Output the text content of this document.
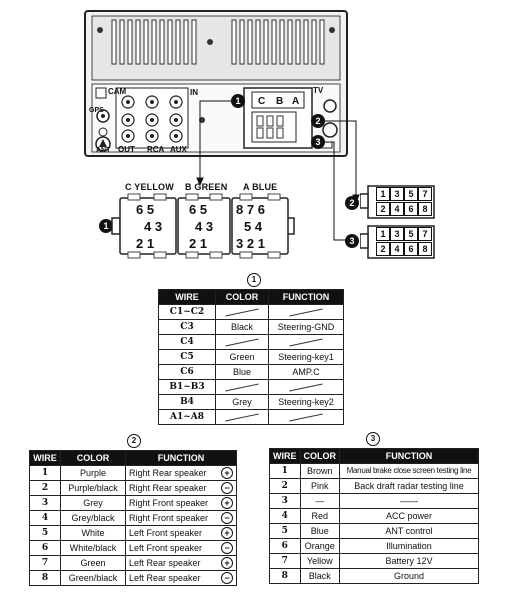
CAM
GPS
ANT
IN
OUT RCA AUX
TV
C B A
1
2
3
C YELLOW B GREEN A BLUE
1
6 5
4 3
2 1
6 5
4 3
2 1
8 7 6
5 4
3 2 1
2
3
1 3 5 7
2 4 6 8
1 3 5 7
2 4 6 8
1
WIRE	COLOR	FUNCTION
C1~C2		
C3	Black	Steering-GND
C4		
C5	Green	Steering-key1
C6	Blue	AMP.C
B1~B3		
B4	Grey	Steering-key2
A1~A8		
2
WIRE	COLOR	FUNCTION
1	Purple	Right Rear speaker +

2	Purple/black	Right Rear speaker −

3	Grey	Right Front speaker +

4	Grey/black	Right Front speaker −

5	White	Left Front speaker +

6	White/black	Left Front speaker −

7	Green	Left Rear speaker +

8	Green/black	Left Rear speaker −
3
WIRE	COLOR	FUNCTION
1	Brown	Manual brake close screen testing line
2	Pink	Back draft radar testing line
3	—	——
4	Red	ACC power
5	Blue	ANT control
6	Orange	Illumination
7	Yellow	Battery 12V
8	Black	Ground
